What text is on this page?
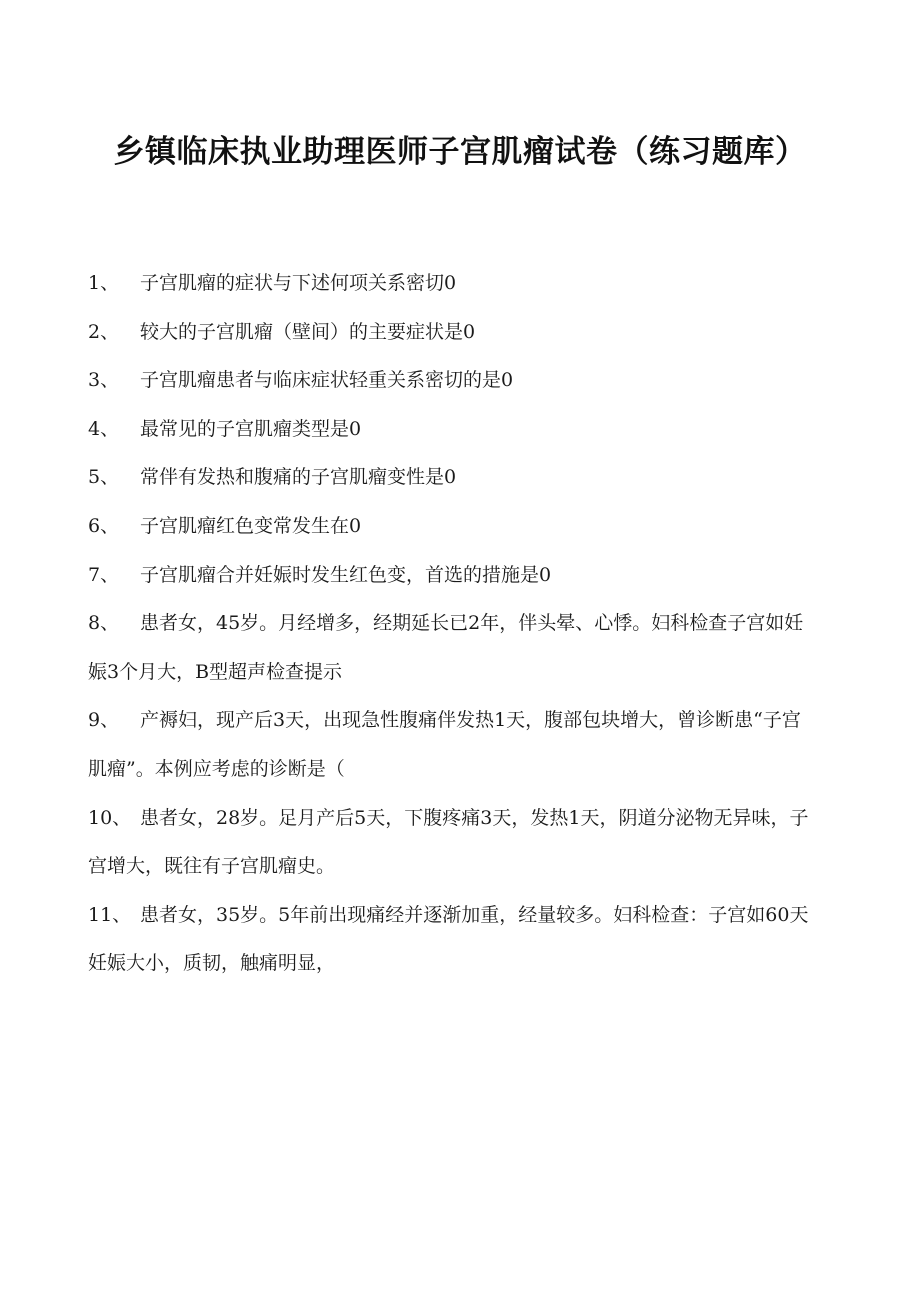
乡镇临床执业助理医师子宫肌瘤试卷（练习题库）

1、 子宫肌瘤的症状与下述何项关系密切0

2、 较大的子宫肌瘤（壁间）的主要症状是0

3、 子宫肌瘤患者与临床症状轻重关系密切的是0

4、 最常见的子宫肌瘤类型是0

5、 常伴有发热和腹痛的子宫肌瘤变性是0

6、 子宫肌瘤红色变常发生在0

7、 子宫肌瘤合并妊娠时发生红色变，首选的措施是0

8、 患者女，45岁。月经增多，经期延长已2年，伴头晕、心悸。妇科检查子宫如妊娠3个月大，B型超声检查提示

9、 产褥妇，现产后3天，出现急性腹痛伴发热1天，腹部包块增大，曾诊断患“子宫肌瘤”。本例应考虑的诊断是（

10、 患者女，28岁。足月产后5天，下腹疼痛3天，发热1天，阴道分泌物无异味，子宫增大，既往有子宫肌瘤史。

11、 患者女，35岁。5年前出现痛经并逐渐加重，经量较多。妇科检查：子宫如60天妊娠大小，质韧，触痛明显，
